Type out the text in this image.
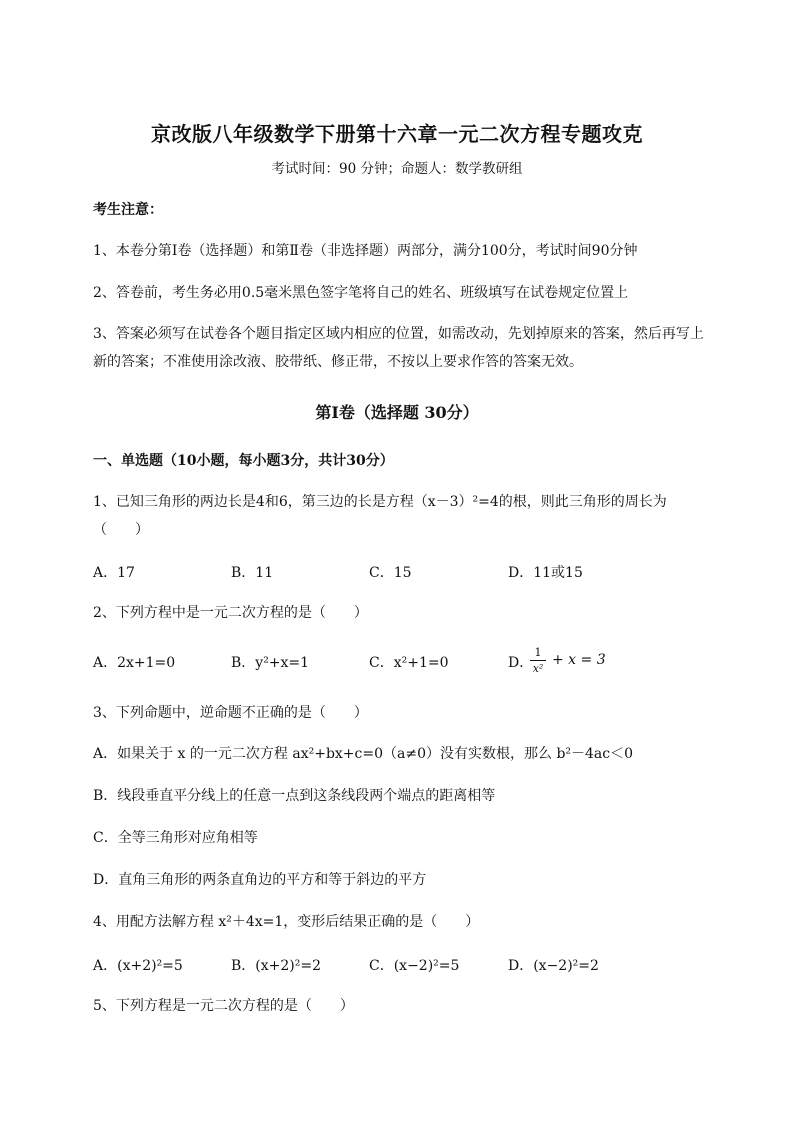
京改版八年级数学下册第十六章一元二次方程专题攻克
考试时间：90 分钟；命题人：数学教研组
考生注意：
1、本卷分第Ⅰ卷（选择题）和第Ⅱ卷（非选择题）两部分，满分100分，考试时间90分钟
2、答卷前，考生务必用0.5毫米黑色签字笔将自己的姓名、班级填写在试卷规定位置上
3、答案必须写在试卷各个题目指定区域内相应的位置，如需改动，先划掉原来的答案，然后再写上新的答案；不准使用涂改液、胶带纸、修正带，不按以上要求作答的答案无效。
第Ⅰ卷（选择题 30分）
一、单选题（10小题，每小题3分，共计30分）
1、已知三角形的两边长是4和6，第三边的长是方程（x－3）²=4的根，则此三角形的周长为（　　）
A．17	B．11	C．15	D．11或15
2、下列方程中是一元二次方程的是（　　）
A．2x+1=0	B．y²+x=1	C．x²+1=0	D．
1
x²
+ x = 3
3、下列命题中，逆命题不正确的是（　　）
A．如果关于 x 的一元二次方程 ax²+bx+c=0（a≠0）没有实数根，那么 b²－4ac＜0
B．线段垂直平分线上的任意一点到这条线段两个端点的距离相等
C．全等三角形对应角相等
D．直角三角形的两条直角边的平方和等于斜边的平方
4、用配方法解方程 x²＋4x=1，变形后结果正确的是（　　）
A．(x+2)²=5	B．(x+2)²=2	C．(x−2)²=5	D．(x−2)²=2
5、下列方程是一元二次方程的是（　　）
